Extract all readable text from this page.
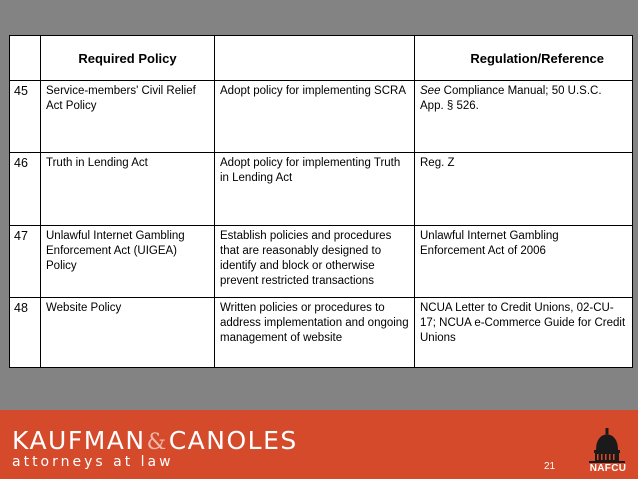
	Required Policy		Regulation/Reference
45	Service-members' Civil Relief Act Policy	Adopt policy for implementing SCRA	See Compliance Manual; 50 U.S.C. App. § 526.
46	Truth in Lending Act	Adopt policy for implementing Truth in Lending Act	Reg. Z
47	Unlawful Internet Gambling Enforcement Act (UIGEA) Policy	Establish policies and procedures that are reasonably designed to identify and block or otherwise prevent restricted transactions	Unlawful Internet Gambling Enforcement Act of 2006
48	Website Policy	Written policies or procedures to address implementation and ongoing management of website	NCUA Letter to Credit Unions, 02-CU-17; NCUA e-Commerce Guide for Credit Unions
KAUFMAN&CANOLES
attorneys at law	21	NAFCU
